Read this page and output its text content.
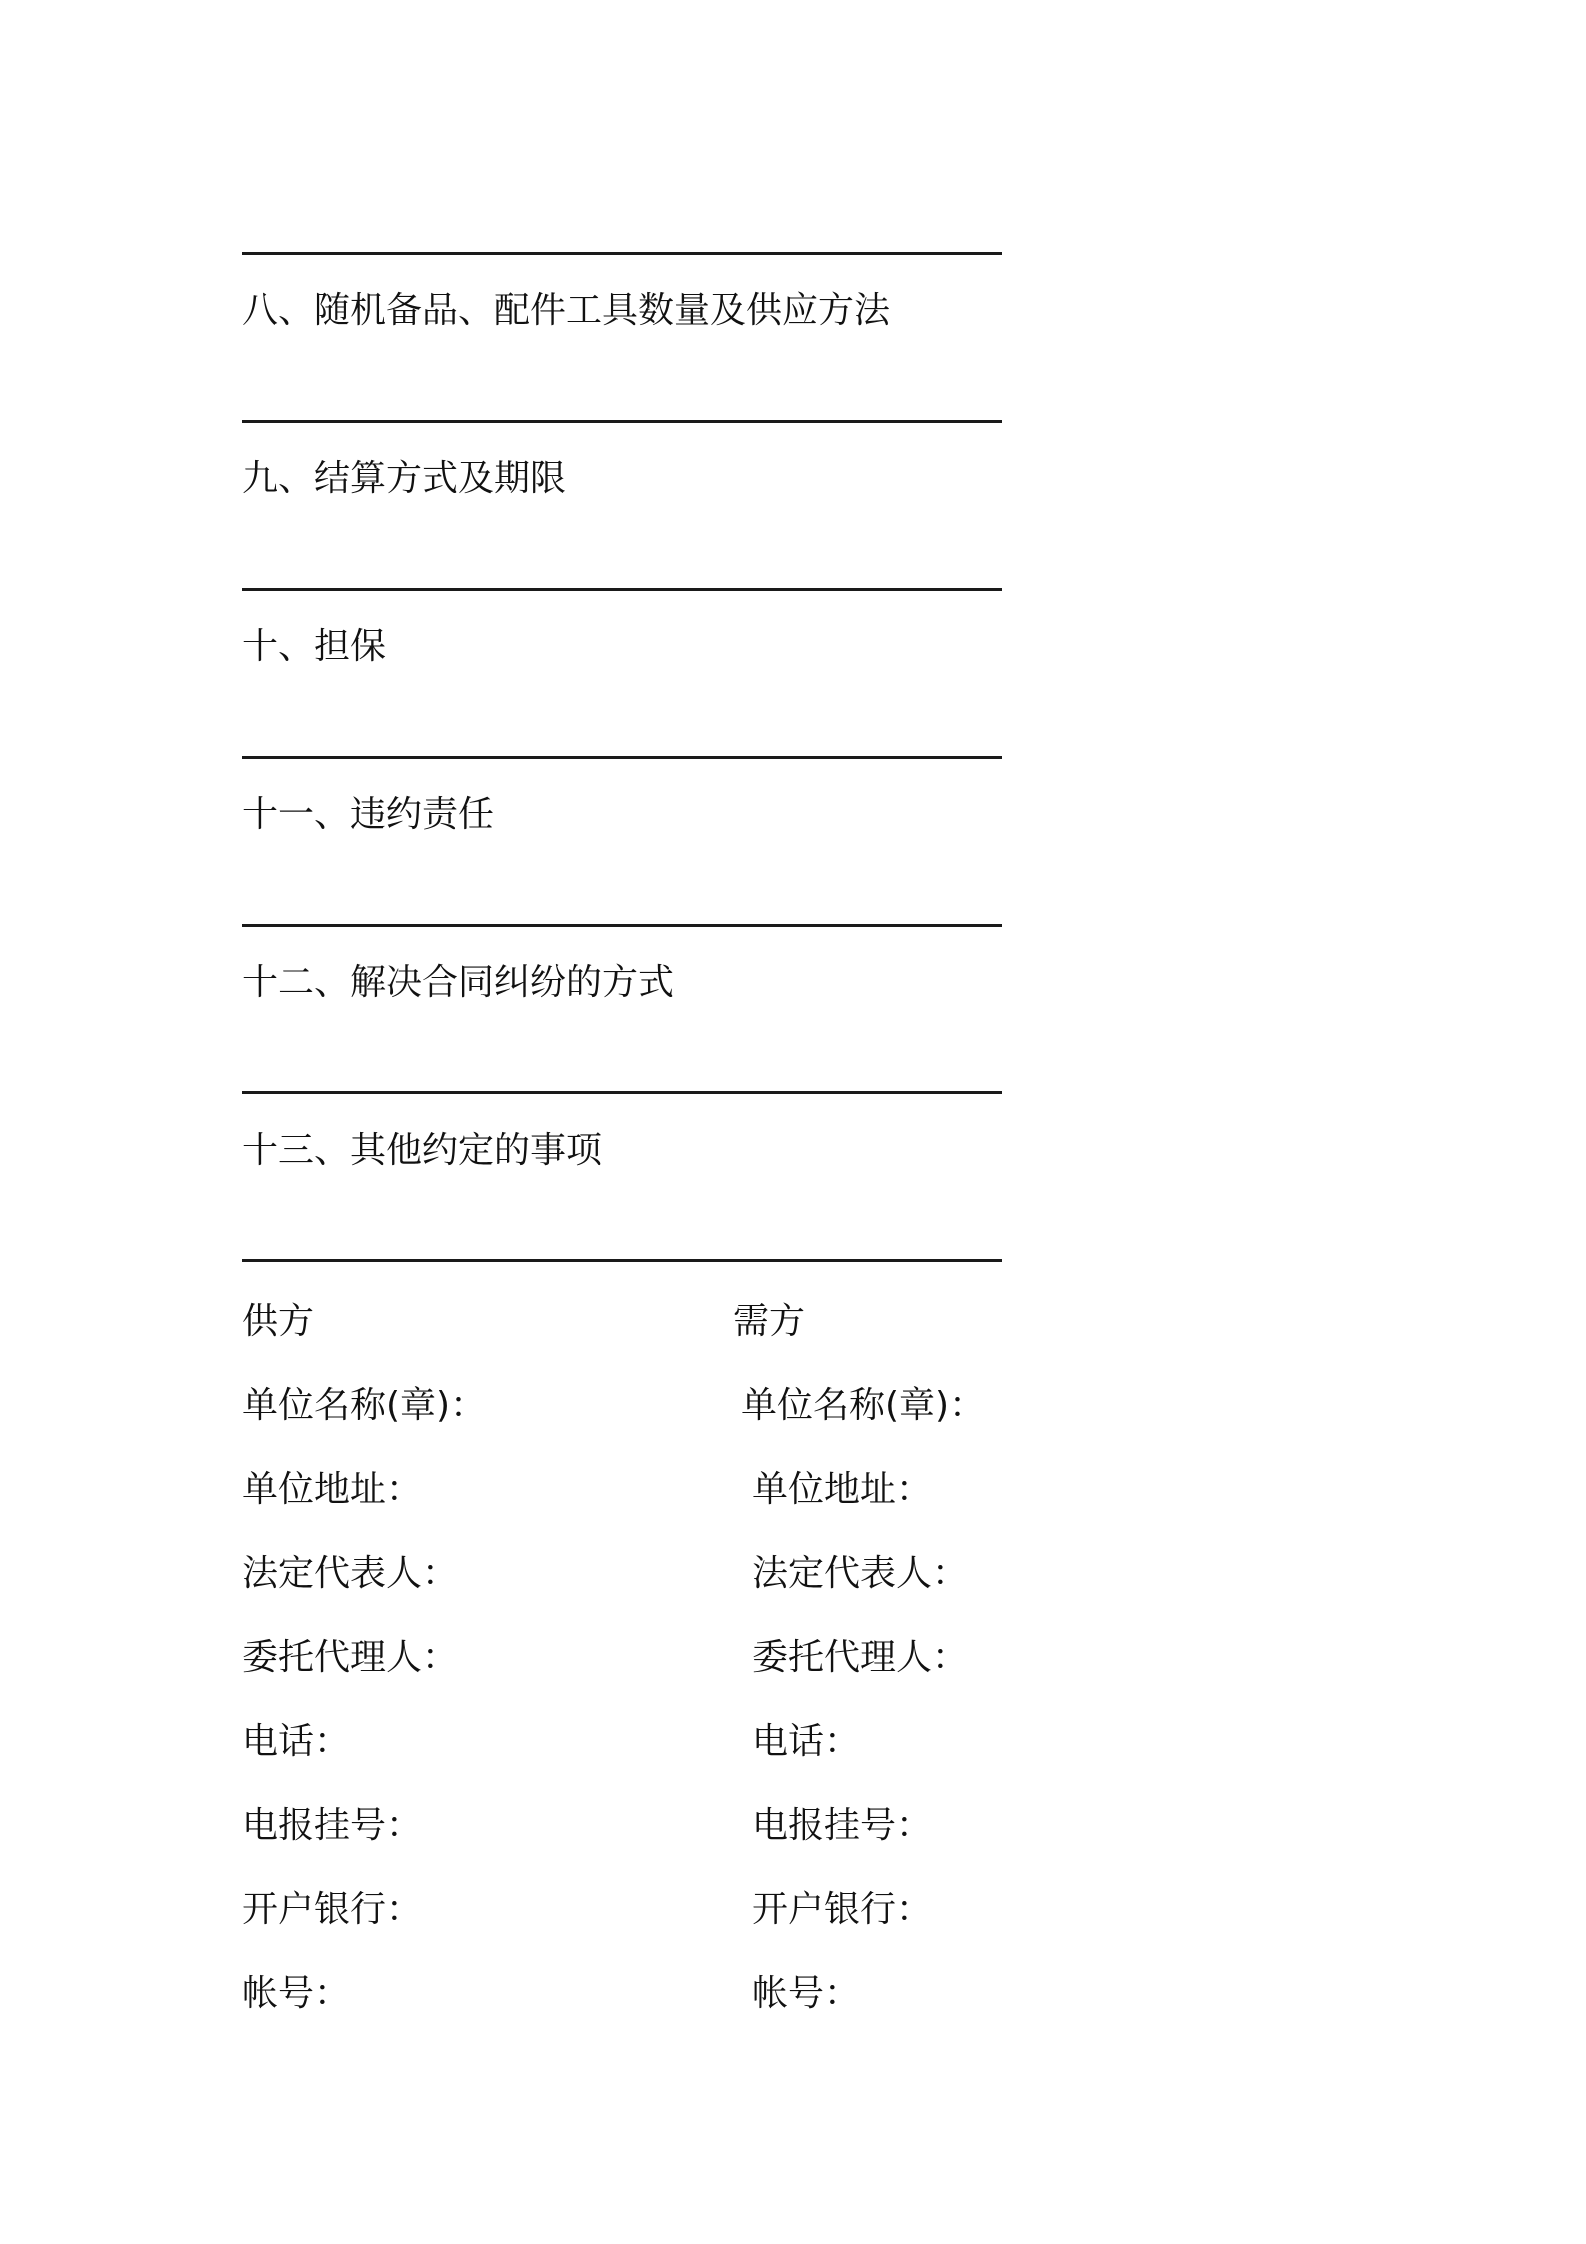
八、随机备品、配件工具数量及供应方法
九、结算方式及期限
十、担保
十一、违约责任
十二、解决合同纠纷的方式
十三、其他约定的事项
供方
单位名称(章)：
单位地址：
法定代表人：
委托代理人：
电话：
电报挂号：
开户银行：
帐号：
需方
单位名称(章)：
单位地址：
法定代表人：
委托代理人：
电话：
电报挂号：
开户银行：
帐号：
